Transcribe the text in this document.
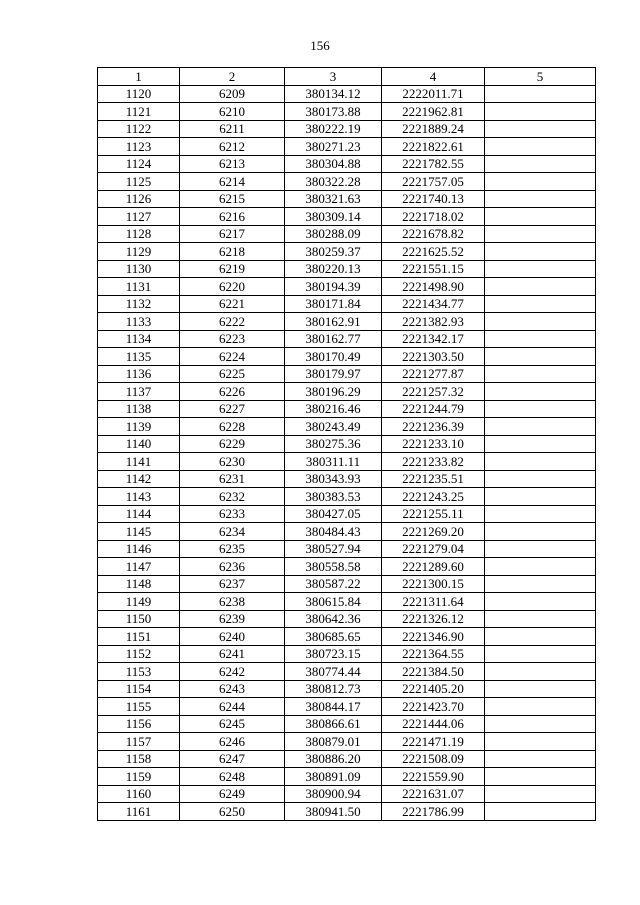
156
1	2	3	4	5
1120	6209	380134.12	2222011.71	
1121	6210	380173.88	2221962.81	
1122	6211	380222.19	2221889.24	
1123	6212	380271.23	2221822.61	
1124	6213	380304.88	2221782.55	
1125	6214	380322.28	2221757.05	
1126	6215	380321.63	2221740.13	
1127	6216	380309.14	2221718.02	
1128	6217	380288.09	2221678.82	
1129	6218	380259.37	2221625.52	
1130	6219	380220.13	2221551.15	
1131	6220	380194.39	2221498.90	
1132	6221	380171.84	2221434.77	
1133	6222	380162.91	2221382.93	
1134	6223	380162.77	2221342.17	
1135	6224	380170.49	2221303.50	
1136	6225	380179.97	2221277.87	
1137	6226	380196.29	2221257.32	
1138	6227	380216.46	2221244.79	
1139	6228	380243.49	2221236.39	
1140	6229	380275.36	2221233.10	
1141	6230	380311.11	2221233.82	
1142	6231	380343.93	2221235.51	
1143	6232	380383.53	2221243.25	
1144	6233	380427.05	2221255.11	
1145	6234	380484.43	2221269.20	
1146	6235	380527.94	2221279.04	
1147	6236	380558.58	2221289.60	
1148	6237	380587.22	2221300.15	
1149	6238	380615.84	2221311.64	
1150	6239	380642.36	2221326.12	
1151	6240	380685.65	2221346.90	
1152	6241	380723.15	2221364.55	
1153	6242	380774.44	2221384.50	
1154	6243	380812.73	2221405.20	
1155	6244	380844.17	2221423.70	
1156	6245	380866.61	2221444.06	
1157	6246	380879.01	2221471.19	
1158	6247	380886.20	2221508.09	
1159	6248	380891.09	2221559.90	
1160	6249	380900.94	2221631.07	
1161	6250	380941.50	2221786.99	
